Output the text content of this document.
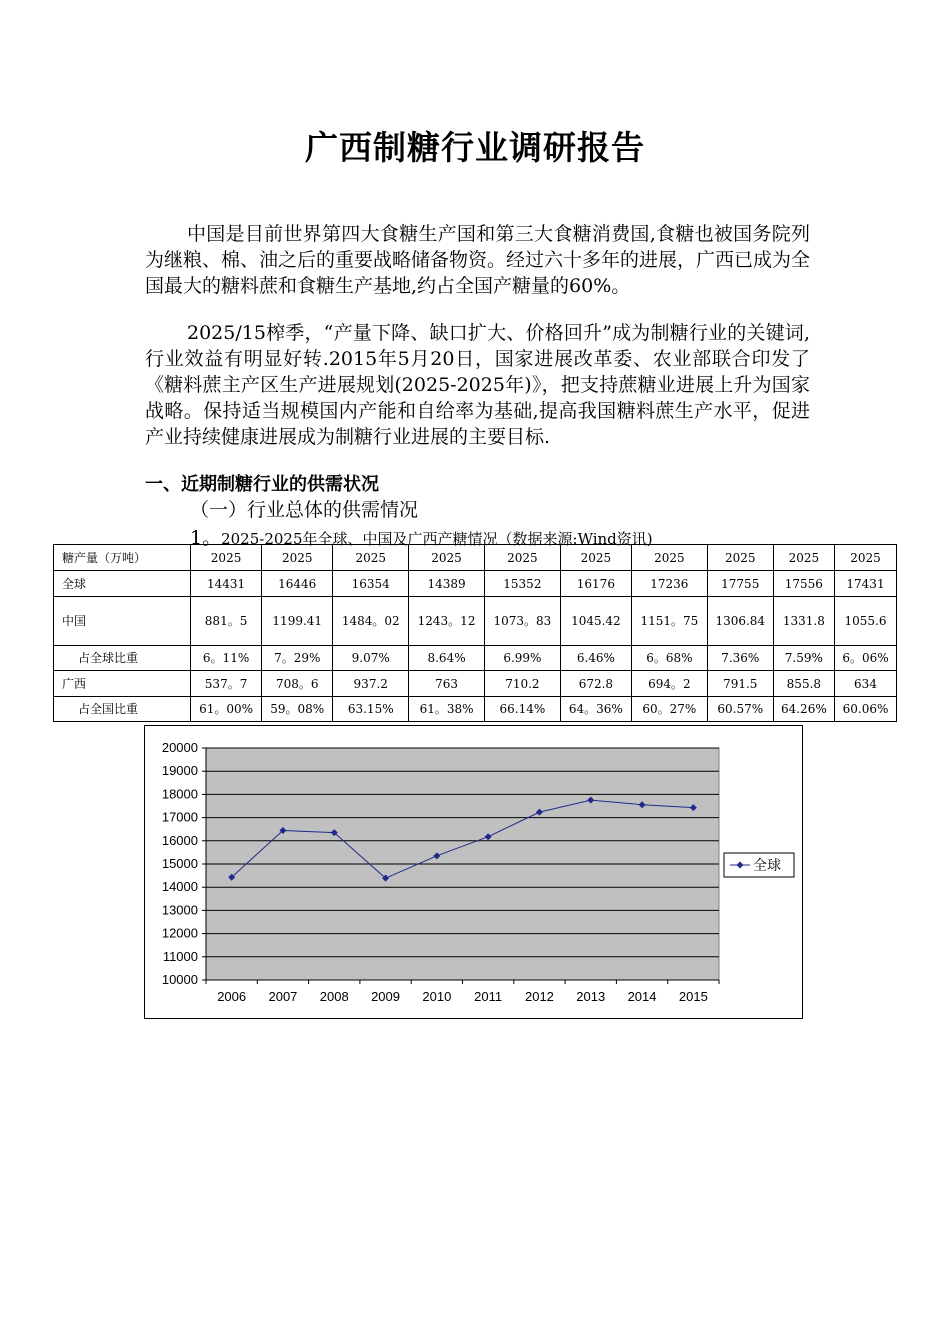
广西制糖行业调研报告

中国是目前世界第四大食糖生产国和第三大食糖消费国,食糖也被国务院列为继粮、棉、油之后的重要战略储备物资。经过六十多年的进展，广西已成为全国最大的糖料蔗和食糖生产基地,约占全国产糖量的60%。

2025/15榨季，“产量下降、缺口扩大、价格回升”成为制糖行业的关键词,行业效益有明显好转.2015年5月20日，国家进展改革委、农业部联合印发了《糖料蔗主产区生产进展规划(2025-2025年)》，把支持蔗糖业进展上升为国家战略。保持适当规模国内产能和自给率为基础,提高我国糖料蔗生产水平，促进产业持续健康进展成为制糖行业进展的主要目标.

一、近期制糖行业的供需状况
（一）行业总体的供需情况
1。2025-2025年全球、中国及广西产糖情况（数据来源:Wind资讯)
糖产量（万吨）	2025	2025	2025	2025	2025	2025	2025	2025	2025	2025
全球	14431	16446	16354	14389	15352	16176	17236	17755	17556	17431
中国	881。5	1199.41	1484。02	1243。12	1073。83	1045.42	1151。75	1306.84	1331.8	1055.6
占全球比重	6。11%	7。29%	9.07%	8.64%	6.99%	6.46%	6。68%	7.36%	7.59%	6。06%
广西	537。7	708。6	937.2	763	710.2	672.8	694。2	791.5	855.8	634
占全国比重	61。00%	59。08%	63.15%	61。38%	66.14%	64。36%	60。27%	60.57%	64.26%	60.06%
10000
11000
12000
13000
14000
15000
16000
17000
18000
19000
20000
2006 2007 2008 2009 2010 2011 2012 2013 2014 2015
全球
